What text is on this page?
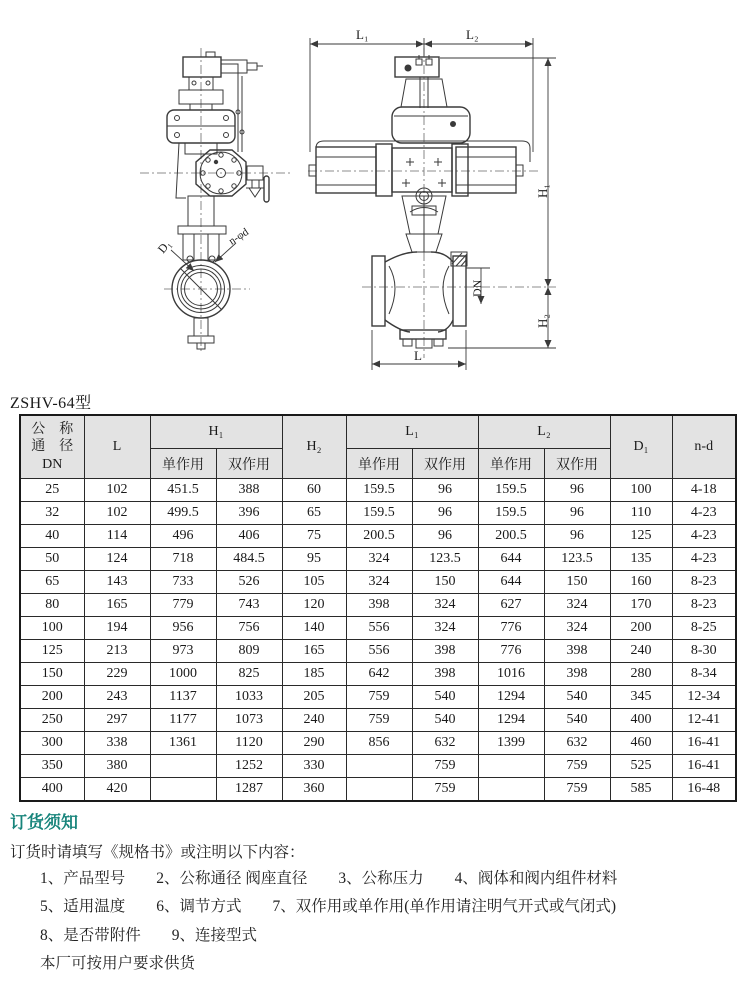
D₁	n-φd
L₁	L₂
H₁
H₂
DN
L
ZSHV-64型
公　称
通　径
DN	L	H₁		H₂	L₁		L₂		D₁	n-d
		单作用	双作用		单作用	双作用	单作用	双作用		
25	102	451.5	388	60	159.5	96	159.5	96	100	4-18
32	102	499.5	396	65	159.5	96	159.5	96	110	4-23
40	114	496	406	75	200.5	96	200.5	96	125	4-23
50	124	718	484.5	95	324	123.5	644	123.5	135	4-23
65	143	733	526	105	324	150	644	150	160	8-23
80	165	779	743	120	398	324	627	324	170	8-23
100	194	956	756	140	556	324	776	324	200	8-25
125	213	973	809	165	556	398	776	398	240	8-30
150	229	1000	825	185	642	398	1016	398	280	8-34
200	243	1137	1033	205	759	540	1294	540	345	12-34
250	297	1177	1073	240	759	540	1294	540	400	12-41
300	338	1361	1120	290	856	632	1399	632	460	16-41
350	380		1252	330		759		759	525	16-41
400	420		1287	360		759		759	585	16-48

订货须知

订货时请填写《规格书》或注明以下内容：

1、产品型号　　2、公称通径 阀座直径　　3、公称压力　　4、阀体和阀内组件材料
5、适用温度　　6、调节方式　　7、双作用或单作用(单作用请注明气开式或气闭式)
8、是否带附件　　9、连接型式

本厂可按用户要求供货
